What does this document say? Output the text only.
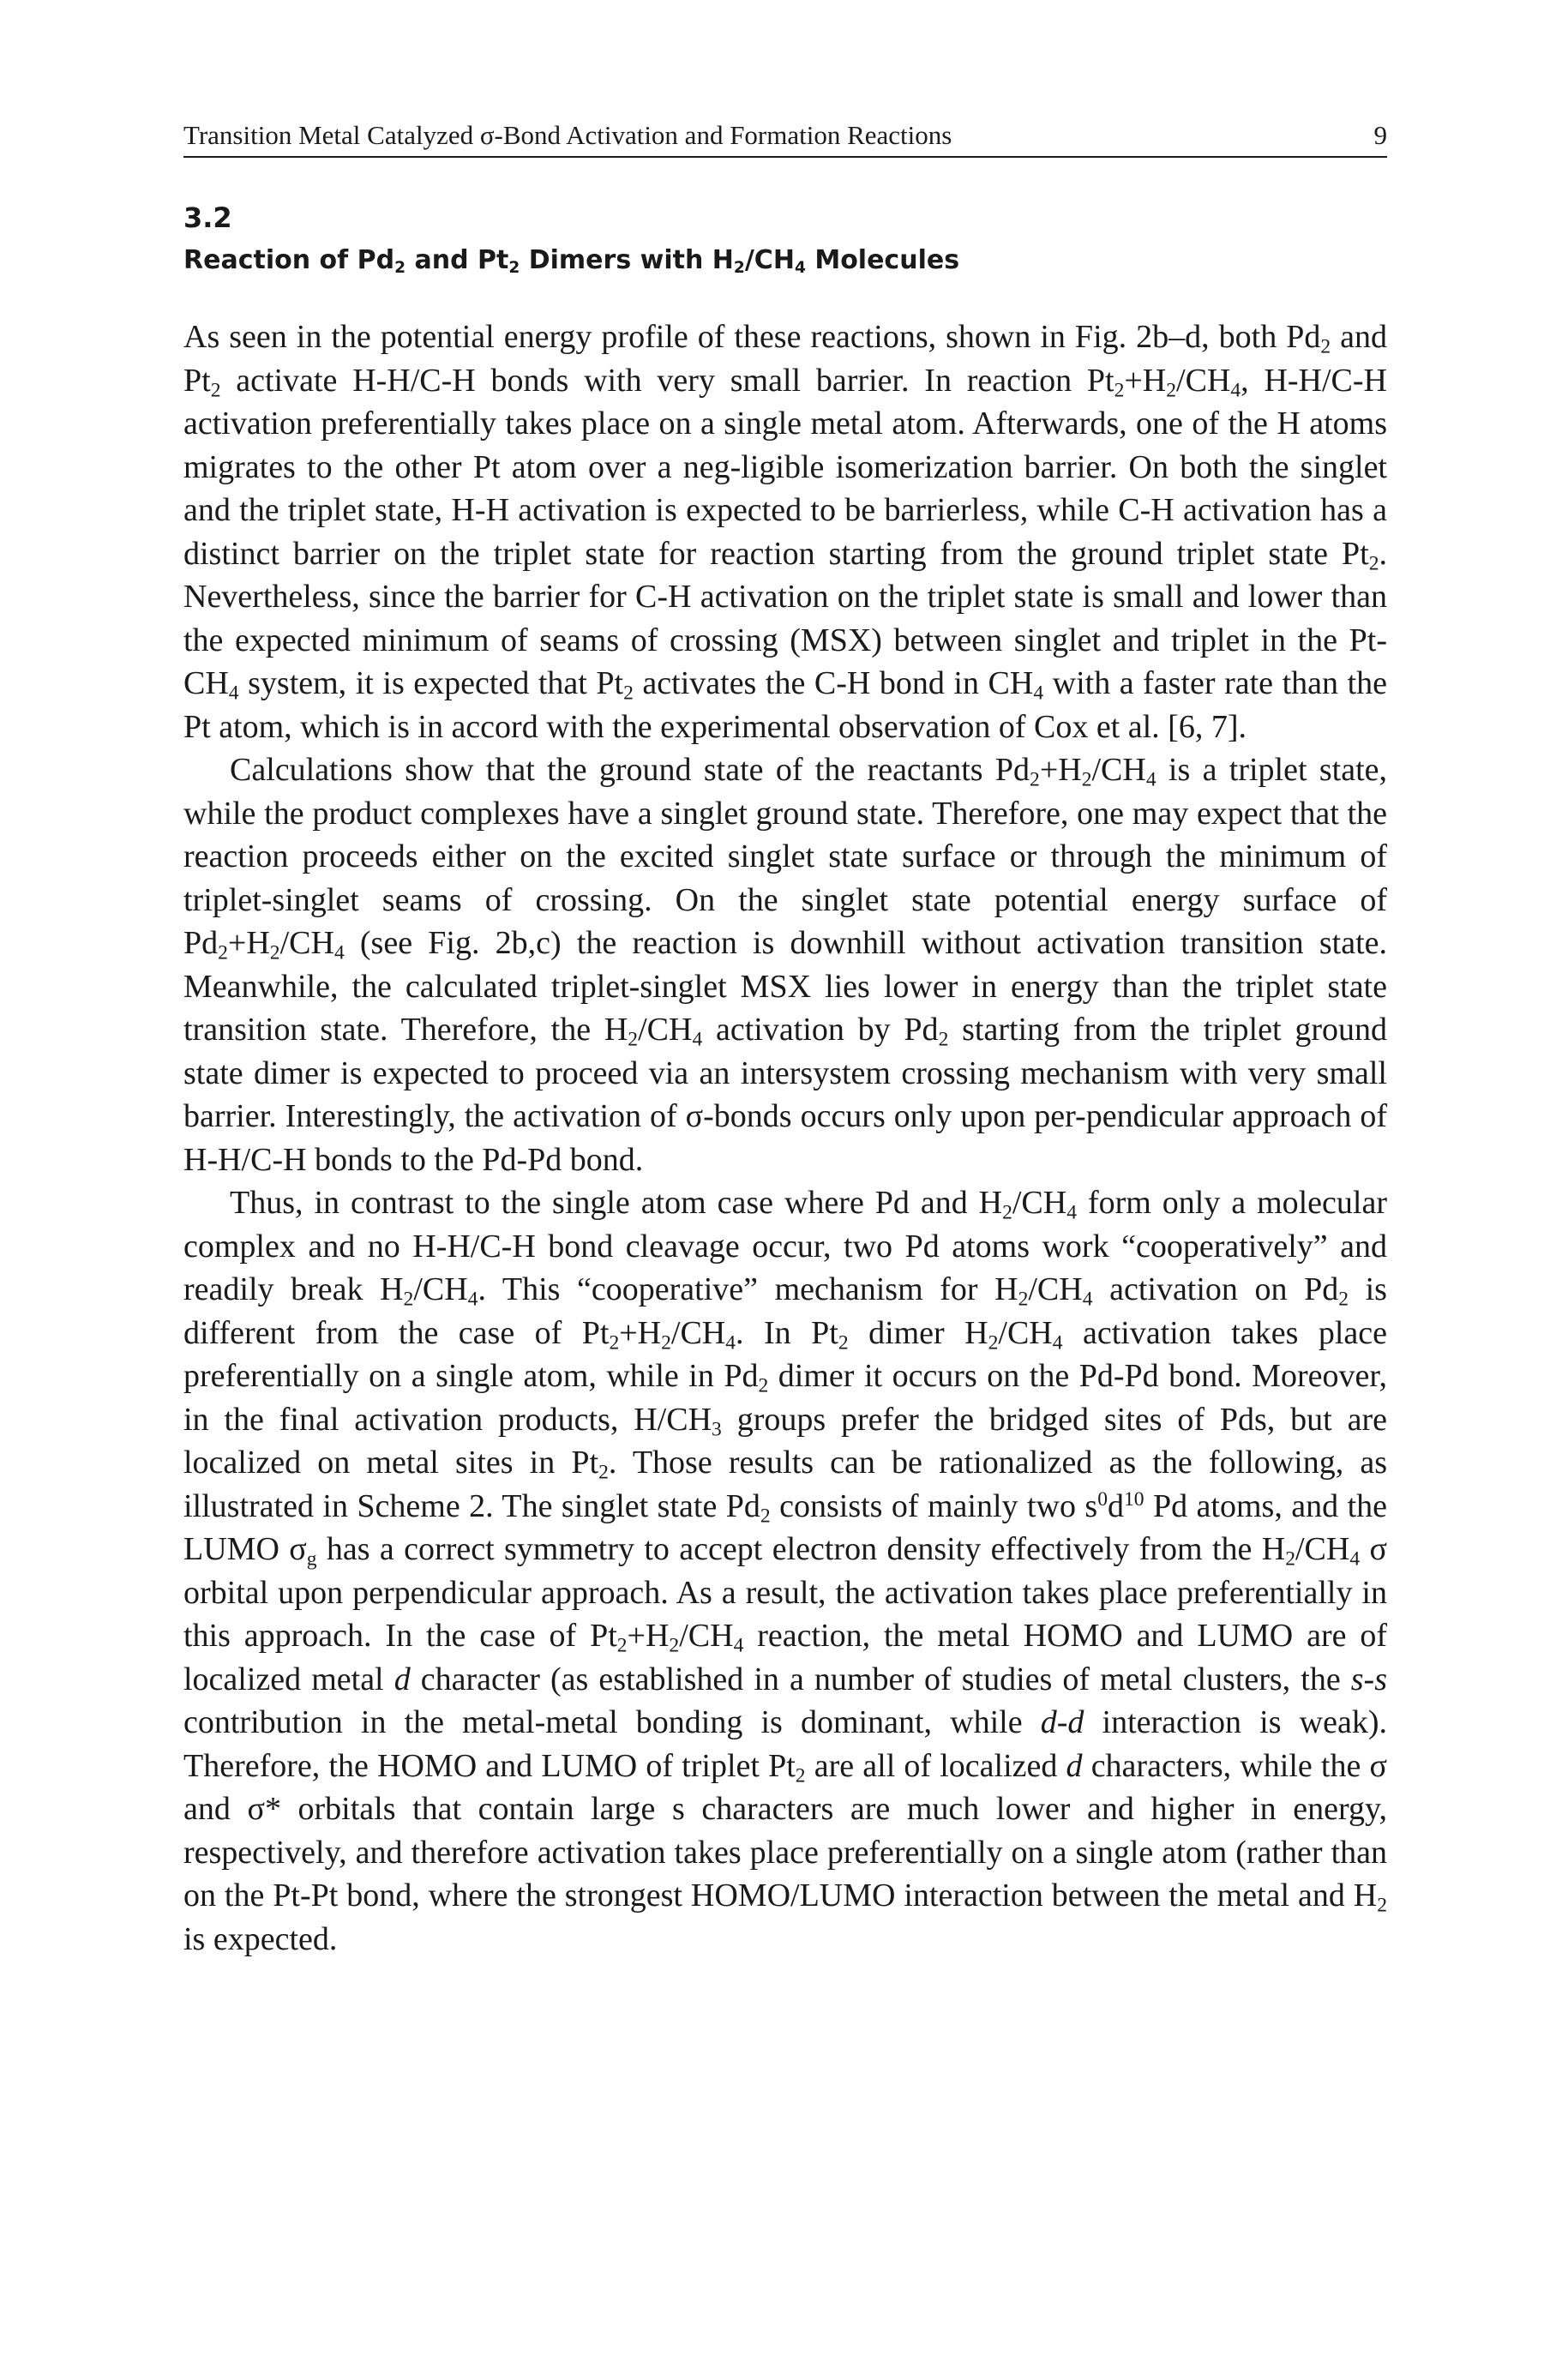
Transition Metal Catalyzed σ-Bond Activation and Formation Reactions	9
3.2
Reaction of $Pd_2$ and $Pt_2$ Dimers with $H_2/CH_4$ Molecules

As seen in the potential energy profile of these reactions, shown in Fig. 2b–d, both $Pd_2$ and $Pt_2$ activate H-H/C-H bonds with very small barrier. In reaction $Pt_2+H_2/CH_4$, H-H/C-H activation preferentially takes place on a single metal atom. Afterwards, one of the H atoms migrates to the other Pt atom over a neg-ligible isomerization barrier. On both the singlet and the triplet state, H-H activation is expected to be barrierless, while C-H activation has a distinct barrier on the triplet state for reaction starting from the ground triplet state $Pt_2$. Nevertheless, since the barrier for C-H activation on the triplet state is small and lower than the expected minimum of seams of crossing (MSX) between singlet and triplet in the $Pt-CH_4$ system, it is expected that $Pt_2$ activates the C-H bond in $CH_4$ with a faster rate than the Pt atom, which is in accord with the experimental observation of Cox et al. [6, 7].

Calculations show that the ground state of the reactants $Pd_2+H_2/CH_4$ is a triplet state, while the product complexes have a singlet ground state. Therefore, one may expect that the reaction proceeds either on the excited singlet state surface or through the minimum of triplet-singlet seams of crossing. On the singlet state potential energy surface of $Pd_2+H_2/CH_4$ (see Fig. 2b,c) the reaction is downhill without activation transition state. Meanwhile, the calculated triplet-singlet MSX lies lower in energy than the triplet state transition state. Therefore, the $H_2/CH_4$ activation by $Pd_2$ starting from the triplet ground state dimer is expected to proceed via an intersystem crossing mechanism with very small barrier. Interestingly, the activation of σ-bonds occurs only upon per-pendicular approach of H-H/C-H bonds to the Pd-Pd bond.

Thus, in contrast to the single atom case where Pd and $H_2/CH_4$ form only a molecular complex and no H-H/C-H bond cleavage occur, two Pd atoms work “cooperatively” and readily break $H_2/CH_4$. This “cooperative” mechanism for $H_2/CH_4$ activation on $Pd_2$ is different from the case of $Pt_2+H_2/CH_4$. In $Pt_2$ dimer $H_2/CH_4$ activation takes place preferentially on a single atom, while in $Pd_2$ dimer it occurs on the Pd-Pd bond. Moreover, in the final activation products, $H/CH_3$ groups prefer the bridged sites of Pds, but are localized on metal sites in $Pt_2$. Those results can be rationalized as the following, as illustrated in Scheme 2. The singlet state $Pd_2$ consists of mainly two $s^0d^{10}$ Pd atoms, and the LUMO $\sigma_g$ has a correct symmetry to accept electron density effectively from the $H_2/CH_4$ σ orbital upon perpendicular approach. As a result, the activation takes place preferentially in this approach. In the case of $Pt_2+H_2/CH_4$ reaction, the metal HOMO and LUMO are of localized metal d character (as established in a number of studies of metal clusters, the s-s contribution in the metal-metal bonding is dominant, while d-d interaction is weak). Therefore, the HOMO and LUMO of triplet $Pt_2$ are all of localized d characters, while the σ and σ* orbitals that contain large s characters are much lower and higher in energy, respectively, and therefore activation takes place preferentially on a single atom (rather than on the Pt-Pt bond, where the strongest HOMO/LUMO interaction between the metal and $H_2$ is expected.
